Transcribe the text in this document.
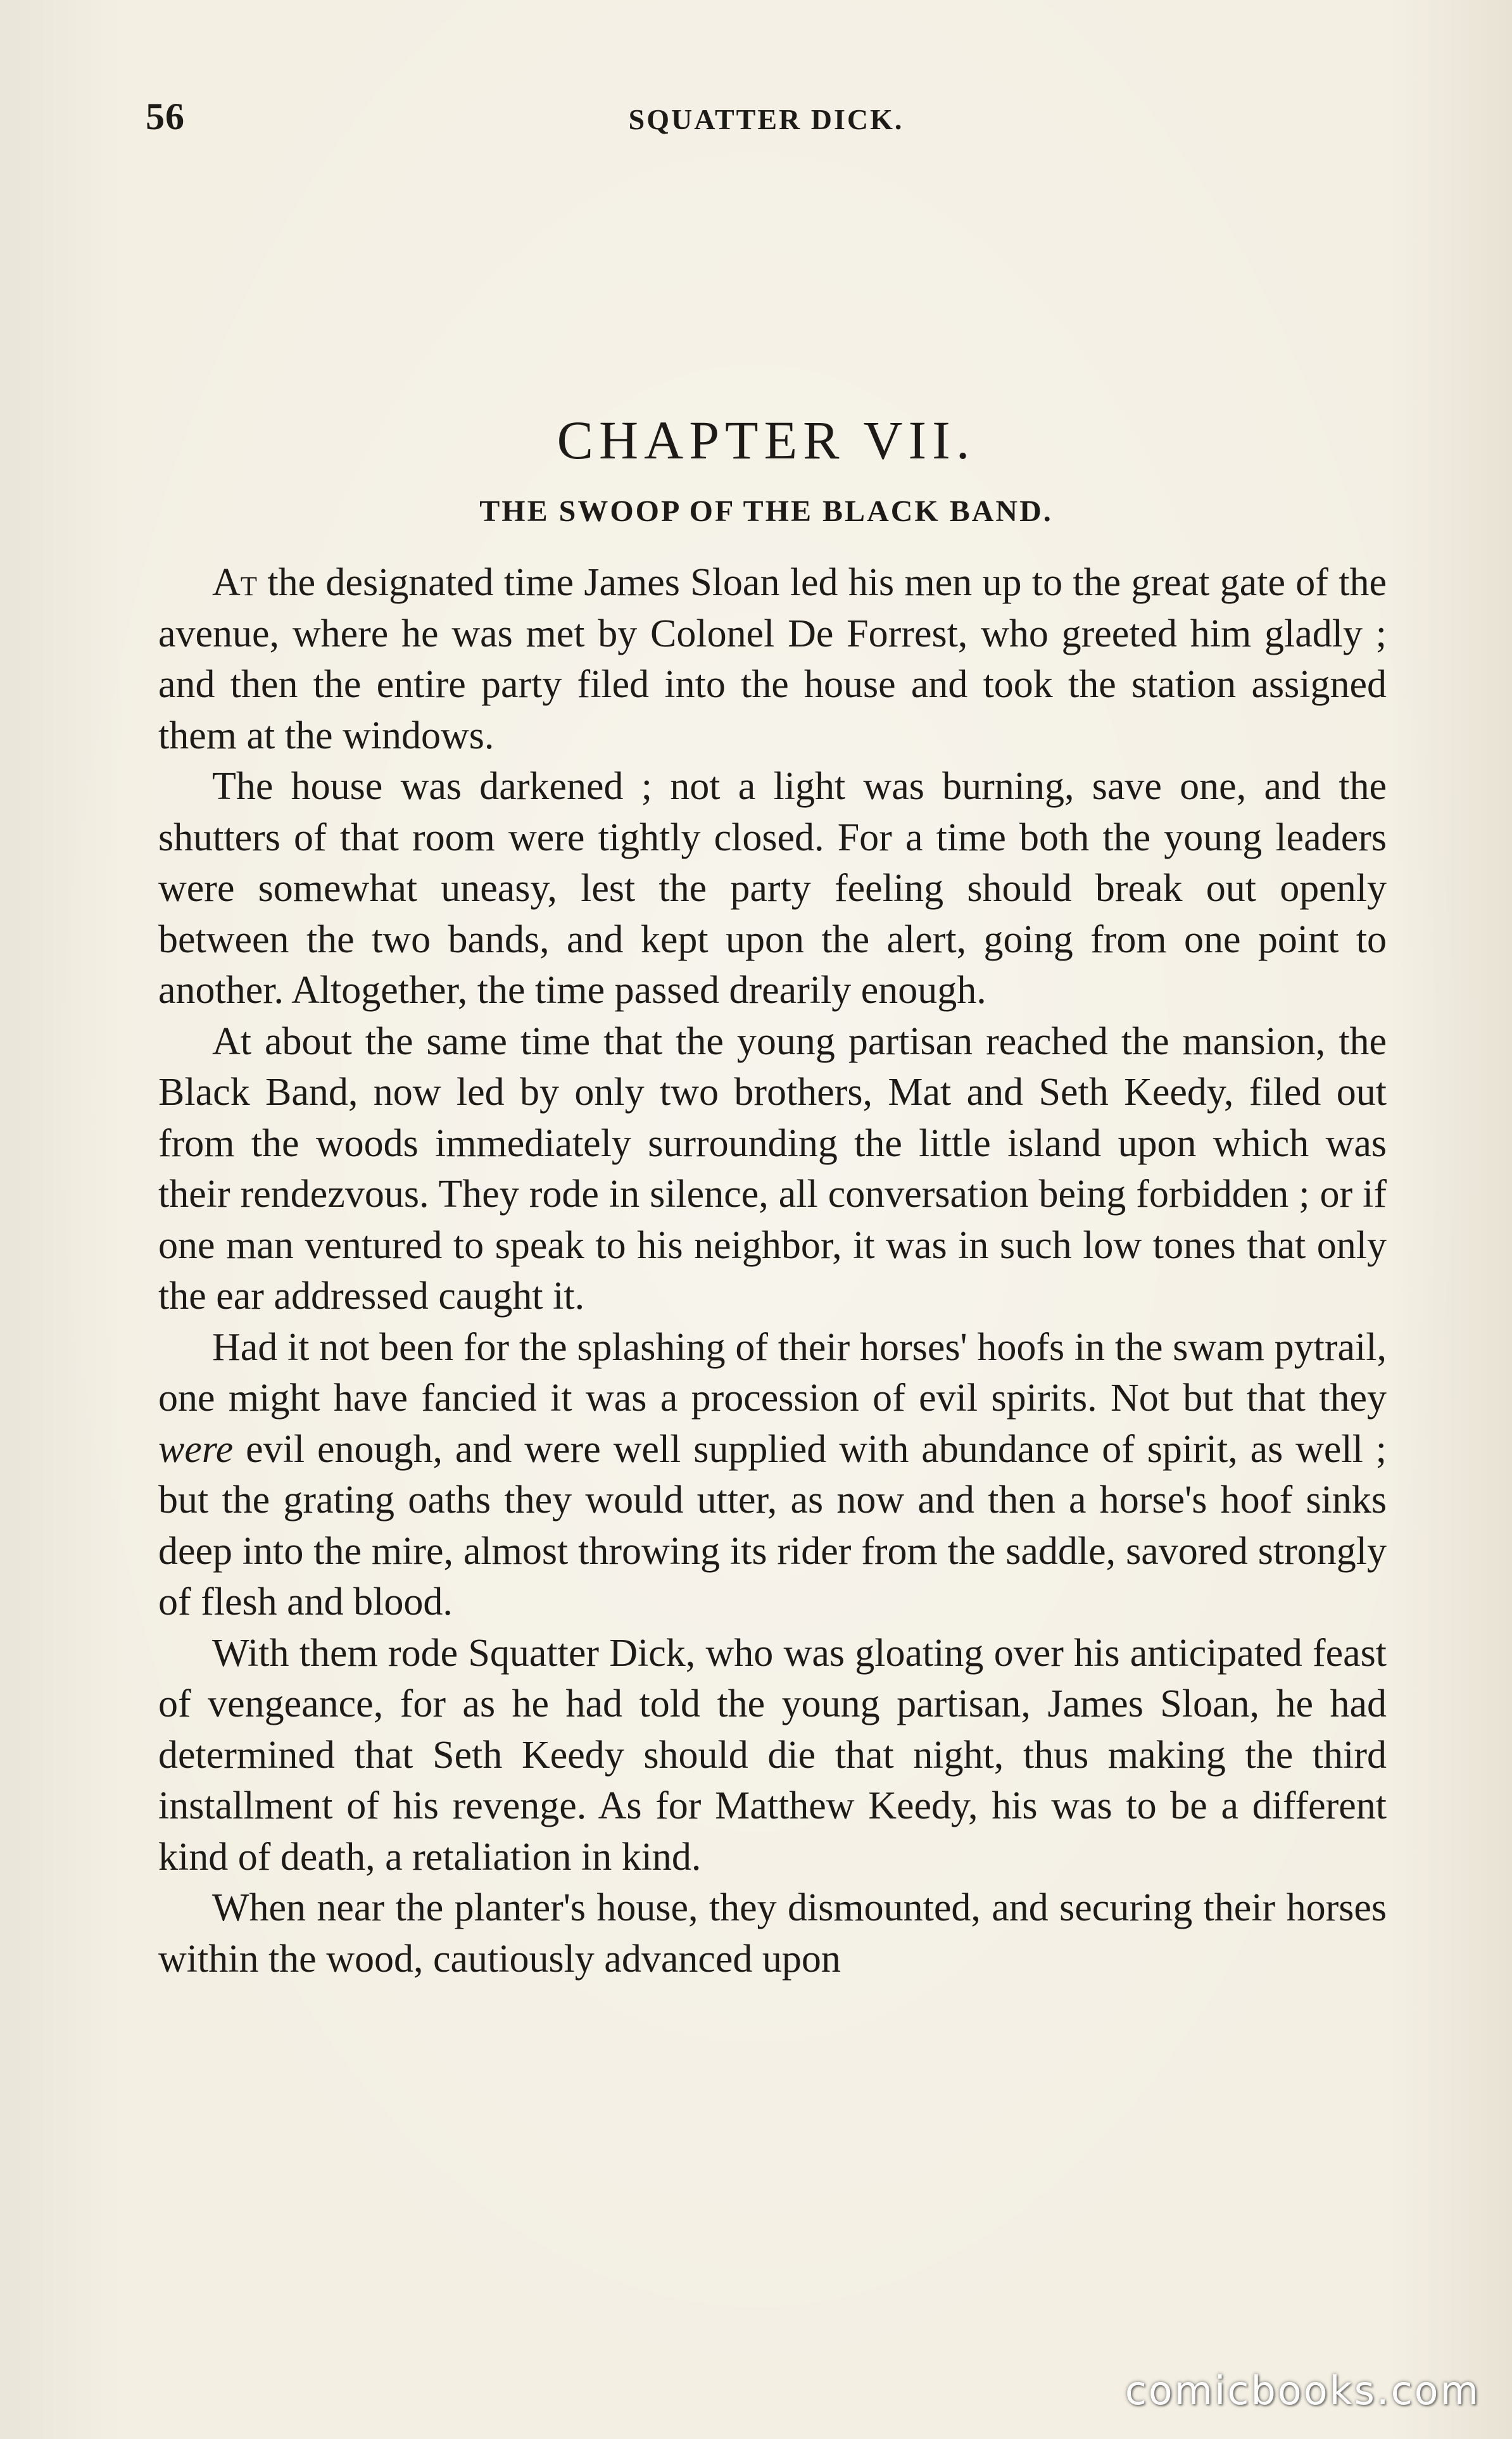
56	SQUATTER DICK.
CHAPTER VII.
THE SWOOP OF THE BLACK BAND.

At the designated time James Sloan led his men up to the great gate of the avenue, where he was met by Colonel De Forrest, who greeted him gladly ; and then the entire party filed into the house and took the station assigned them at the windows.

The house was darkened ; not a light was burning, save one, and the shutters of that room were tightly closed. For a time both the young leaders were somewhat uneasy, lest the party feeling should break out openly between the two bands, and kept upon the alert, going from one point to another. Altogether, the time passed drearily enough.

At about the same time that the young partisan reached the mansion, the Black Band, now led by only two brothers, Mat and Seth Keedy, filed out from the woods immediately surrounding the little island upon which was their rendezvous. They rode in silence, all conversation being forbidden ; or if one man ventured to speak to his neighbor, it was in such low tones that only the ear addressed caught it.

Had it not been for the splashing of their horses' hoofs in the swam pytrail, one might have fancied it was a procession of evil spirits. Not but that they were evil enough, and were well supplied with abundance of spirit, as well ; but the grating oaths they would utter, as now and then a horse's hoof sinks deep into the mire, almost throwing its rider from the saddle, savored strongly of flesh and blood.

With them rode Squatter Dick, who was gloating over his anticipated feast of vengeance, for as he had told the young partisan, James Sloan, he had determined that Seth Keedy should die that night, thus making the third installment of his revenge. As for Matthew Keedy, his was to be a different kind of death, a retaliation in kind.

When near the planter's house, they dismounted, and securing their horses within the wood, cautiously advanced upon

comicbooks.com
